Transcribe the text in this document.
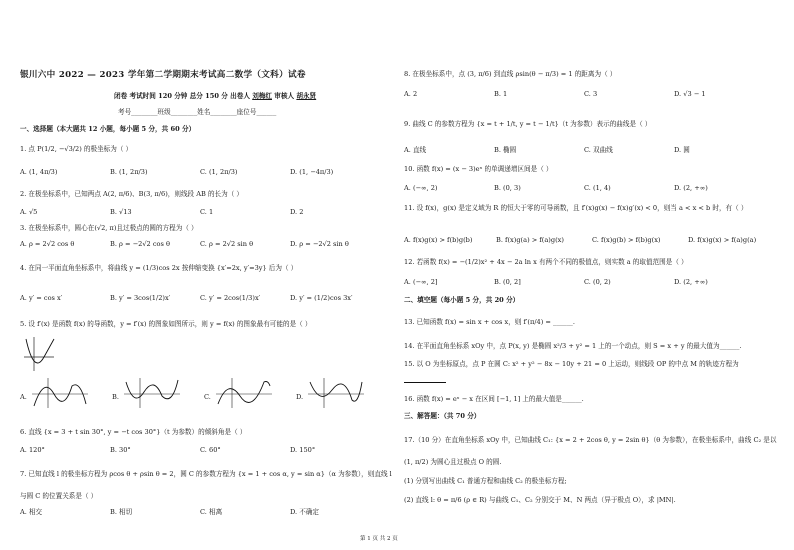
银川六中 2022 — 2023 学年第二学期期末考试高二数学（文科）试卷
闭卷 考试时间 120 分钟 总分 150 分 出卷人 刘梅红 审核人 胡永贤
考号________班级________姓名________座位号______
一、选择题（本大题共 12 小题，每小题 5 分，共 60 分）
1. 点 P(1/2, −√3/2) 的极坐标为（ ）
A. (1, 4π/3)	B. (1, 2π/3)	C. (1, 2π/3)	D. (1, −4π/3)
2. 在极坐标系中，已知两点 A(2, π/6)、B(3, π/6)，则线段 AB 的长为（ ）
A. √5	B. √13	C. 1	D. 2
3. 在极坐标系中，圆心在(√2, π)且过极点的圆的方程为（ ）
A. ρ = 2√2 cos θ	B. ρ = −2√2 cos θ	C. ρ = 2√2 sin θ	D. ρ = −2√2 sin θ
4. 在同一平面直角坐标系中，将曲线 y = (1/3)cos 2x 按伸缩变换 {x′=2x, y′=3y} 后为（ ）
A. y′ = cos x′	B. y′ = 3cos(1/2)x′	C. y′ = 2cos(1/3)x′	D. y′ = (1/2)cos 3x′
5. 设 f′(x) 是函数 f(x) 的导函数，y = f′(x) 的图象如图所示，则 y = f(x) 的图象最有可能的是（ ）
A.	B.	C.	D.
6. 直线 {x = 3 + t sin 30°, y = −t cos 30°}（t 为参数）的倾斜角是（ ）
A. 120°	B. 30°	C. 60°	D. 150°
7. 已知直线 l 的极坐标方程为 ρcos θ + ρsin θ = 2，圆 C 的参数方程为 {x = 1 + cos α, y = sin α}（α 为参数），则直线 l
与圆 C 的位置关系是（ ）
A. 相交	B. 相切	C. 相离	D. 不确定
8. 在极坐标系中，点 (3, π/6) 到直线 ρsin(θ − π/3) = 1 的距离为（ ）
A. 2	B. 1	C. 3	D. √3 − 1
9. 曲线 C 的参数方程为 {x = t + 1/t, y = t − 1/t}（t 为参数）表示的曲线是（ ）
A. 直线	B. 椭圆	C. 双曲线	D. 圆
10. 函数 f(x) = (x − 3)eˣ 的单调递增区间是（ ）
A. (−∞, 2)	B. (0, 3)	C. (1, 4)	D. (2, +∞)
11. 设 f(x)，g(x) 是定义域为 R 的恒大于零的可导函数，且 f′(x)g(x) − f(x)g′(x) < 0，则当 a < x < b 时，有（ ）
A. f(x)g(x) > f(b)g(b)	B. f(x)g(a) > f(a)g(x)	C. f(x)g(b) > f(b)g(x)	D. f(x)g(x) > f(a)g(a)
12. 若函数 f(x) = −(1/2)x² + 4x − 2a ln x 有两个不同的极值点，则实数 a 的取值范围是（ ）
A. (−∞, 2]	B. (0, 2]	C. (0, 2)	D. (2, +∞)
二、填空题（每小题 5 分，共 20 分）
13. 已知函数 f(x) = sin x + cos x，则 f′(π/4) = ______.
14. 在平面直角坐标系 xOy 中，点 P(x, y) 是椭圆 x²/3 + y² = 1 上的一个动点，则 S = x + y 的最大值为______.
15. 以 O 为坐标原点，点 P 在圆 C: x² + y² − 8x − 10y + 21 = 0 上运动，则线段 OP 的中点 M 的轨迹方程为
16. 函数 f(x) = eˣ − x 在区间 [−1, 1] 上的最大值是______.
三、解答题：（共 70 分）
17.（10 分）在直角坐标系 xOy 中，已知曲线 C₁: {x = 2 + 2cos θ, y = 2sin θ}（θ 为参数），在极坐标系中，曲线 C₂ 是以
(1, π/2) 为圆心且过极点 O 的圆.
(1) 分别写出曲线 C₁ 普通方程和曲线 C₂ 的极坐标方程;
(2) 直线 l: θ = π/6 (ρ ∈ R) 与曲线 C₁、C₂ 分别交于 M、N 两点（异于极点 O），求 |MN|.
第 1 页 共 2 页
